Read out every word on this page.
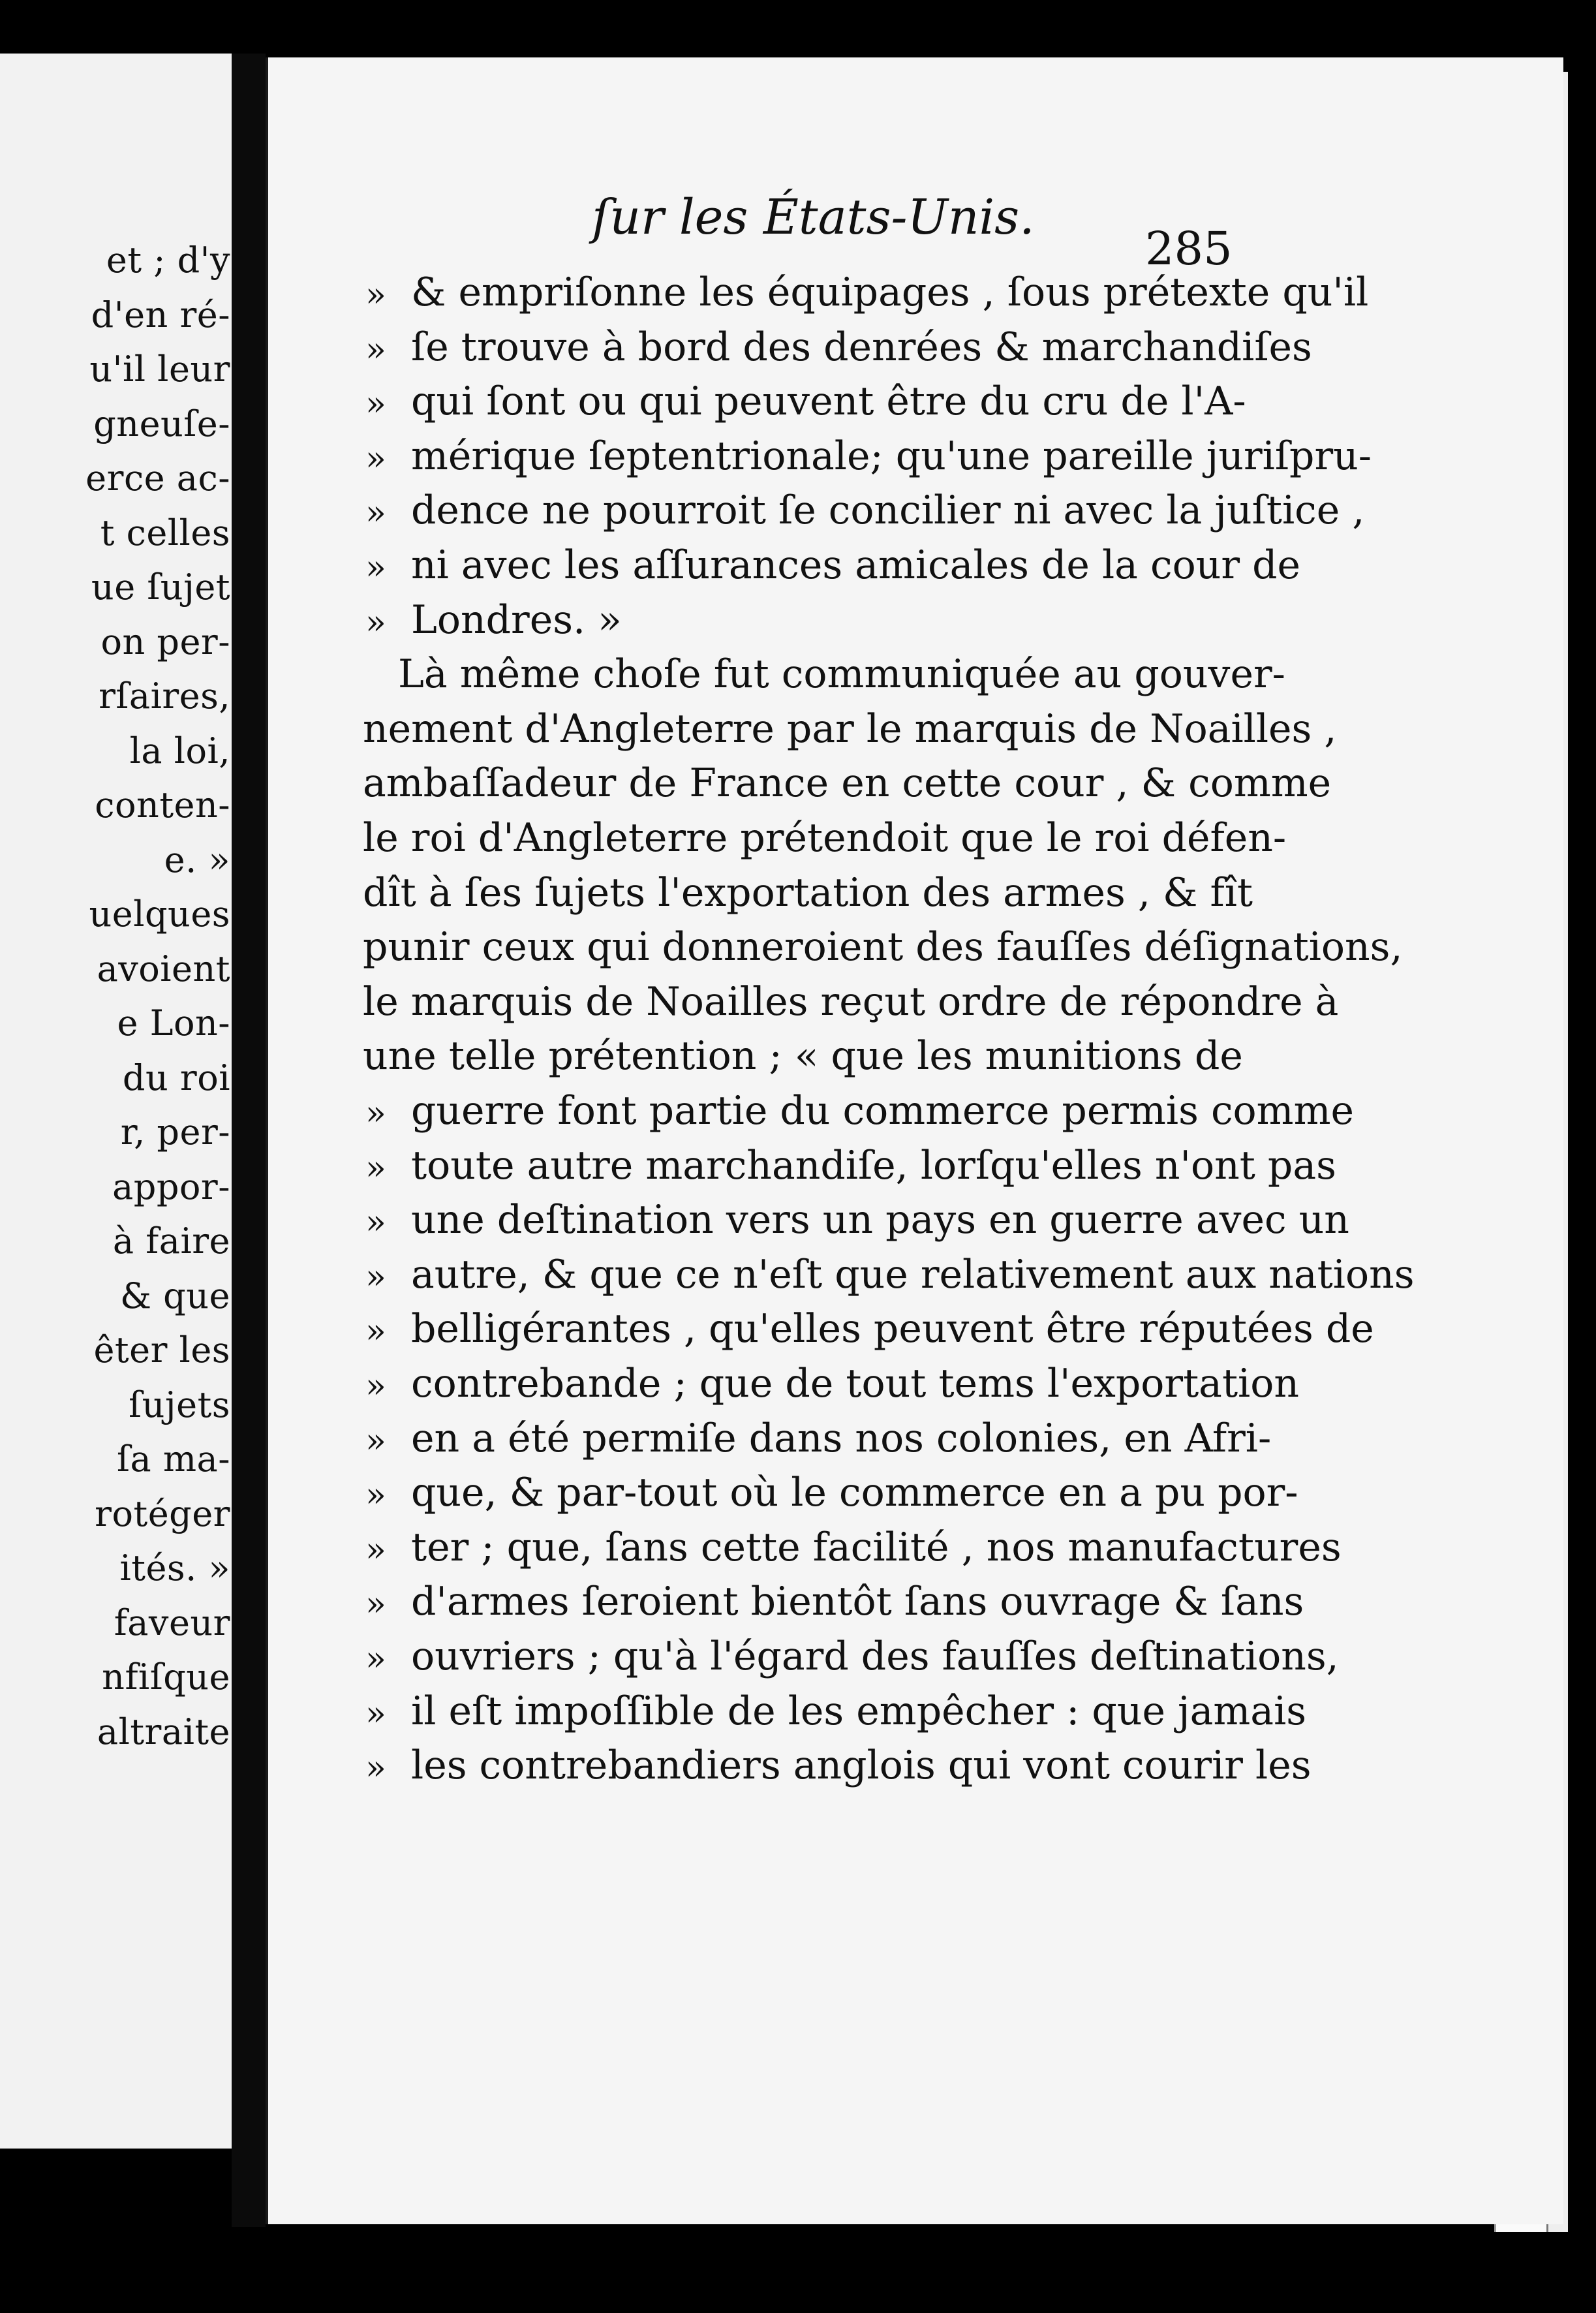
et ; d'y
d'en ré-
u'il leur
gneuſe-
erce ac-
t celles
ue ſujet
on per-
rſaires,
la loi,
conten-
e. »
uelques
avoient
e Lon-
du roi
r, per-
appor-
à faire
& que
êter les
ſujets
ſa ma-
rotéger
ités. »
faveur
nfiſque
altraite
ſur les États-Unis.
285
» & empriſonne les équipages , ſous prétexte qu'il
» ſe trouve à bord des denrées & marchandiſes
» qui ſont ou qui peuvent être du cru de l'A-
» mérique ſeptentrionale; qu'une pareille juriſpru-
» dence ne pourroit ſe concilier ni avec la juſtice ,
» ni avec les aſſurances amicales de la cour de
» Londres. »
Là même choſe fut communiquée au gouver-
nement d'Angleterre par le marquis de Noailles ,
ambaſſadeur de France en cette cour , & comme
le roi d'Angleterre prétendoit que le roi défen-
dît à ſes ſujets l'exportation des armes , & fît
punir ceux qui donneroient des fauſſes déſignations,
le marquis de Noailles reçut ordre de répondre à
une telle prétention ; « que les munitions de
» guerre font partie du commerce permis comme
» toute autre marchandiſe, lorſqu'elles n'ont pas
» une deſtination vers un pays en guerre avec un
» autre, & que ce n'eſt que relativement aux nations
» belligérantes , qu'elles peuvent être réputées de
» contrebande ; que de tout tems l'exportation
» en a été permiſe dans nos colonies, en Afri-
» que, & par-tout où le commerce en a pu por-
» ter ; que, ſans cette facilité , nos manufactures
» d'armes ſeroient bientôt ſans ouvrage & ſans
» ouvriers ; qu'à l'égard des fauſſes deſtinations,
» il eſt impoſſible de les empêcher : que jamais
» les contrebandiers anglois qui vont courir les
